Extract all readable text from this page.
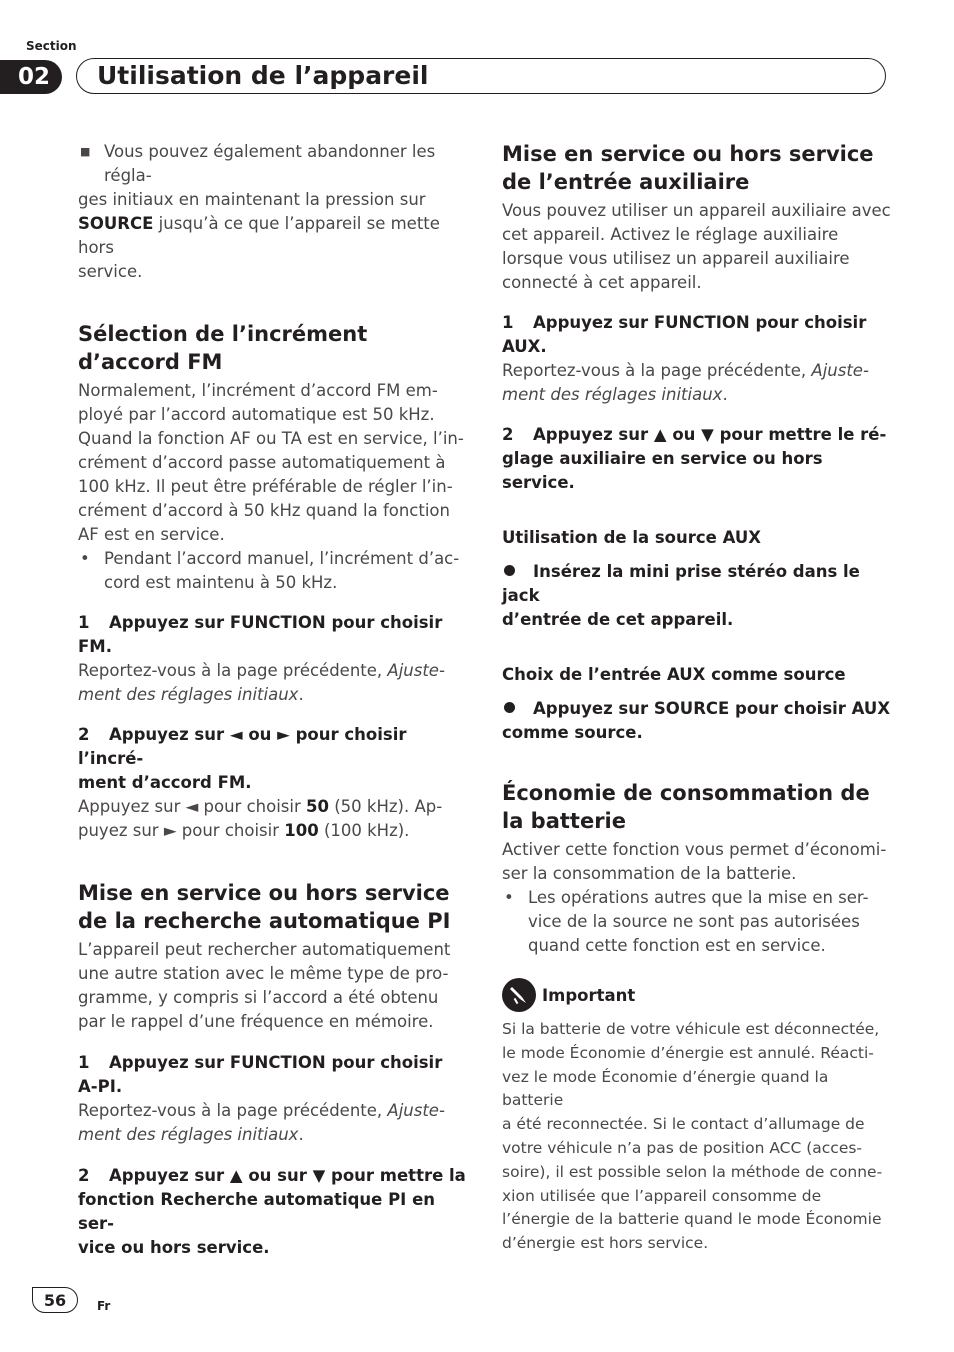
Section
02	Utilisation de l’appareil
■ Vous pouvez également abandonner les régla-
ges initiaux en maintenant la pression sur
SOURCE jusqu’à ce que l’appareil se mette hors
service.
Sélection de l’incrément
d’accord FM
Normalement, l’incrément d’accord FM em-
ployé par l’accord automatique est 50 kHz.
Quand la fonction AF ou TA est en service, l’in-
crément d’accord passe automatiquement à
100 kHz. Il peut être préférable de régler l’in-
crément d’accord à 50 kHz quand la fonction
AF est en service.
• Pendant l’accord manuel, l’incrément d’ac-
cord est maintenu à 50 kHz.
1 Appuyez sur FUNCTION pour choisir
FM.
Reportez-vous à la page précédente, Ajuste-
ment des réglages initiaux.
2 Appuyez sur ◄ ou ► pour choisir l’incré-
ment d’accord FM.
Appuyez sur ◄ pour choisir 50 (50 kHz). Ap-
puyez sur ► pour choisir 100 (100 kHz).
Mise en service ou hors service
de la recherche automatique PI
L’appareil peut rechercher automatiquement
une autre station avec le même type de pro-
gramme, y compris si l’accord a été obtenu
par le rappel d’une fréquence en mémoire.
1 Appuyez sur FUNCTION pour choisir
A-PI.
Reportez-vous à la page précédente, Ajuste-
ment des réglages initiaux.
2 Appuyez sur ▲ ou sur ▼ pour mettre la
fonction Recherche automatique PI en ser-
vice ou hors service.
Mise en service ou hors service
de l’entrée auxiliaire
Vous pouvez utiliser un appareil auxiliaire avec
cet appareil. Activez le réglage auxiliaire
lorsque vous utilisez un appareil auxiliaire
connecté à cet appareil.
1 Appuyez sur FUNCTION pour choisir
AUX.
Reportez-vous à la page précédente, Ajuste-
ment des réglages initiaux.
2 Appuyez sur ▲ ou ▼ pour mettre le ré-
glage auxiliaire en service ou hors service.
Utilisation de la source AUX
Insérez la mini prise stéréo dans le jack
d’entrée de cet appareil.
Choix de l’entrée AUX comme source
Appuyez sur SOURCE pour choisir AUX
comme source.
Économie de consommation de
la batterie
Activer cette fonction vous permet d’économi-
ser la consommation de la batterie.
• Les opérations autres que la mise en ser-
vice de la source ne sont pas autorisées
quand cette fonction est en service.
Important
Si la batterie de votre véhicule est déconnectée,
le mode Économie d’énergie est annulé. Réacti-
vez le mode Économie d’énergie quand la batterie
a été reconnectée. Si le contact d’allumage de
votre véhicule n’a pas de position ACC (acces-
soire), il est possible selon la méthode de conne-
xion utilisée que l’appareil consomme de
l’énergie de la batterie quand le mode Économie
d’énergie est hors service.
56	Fr
